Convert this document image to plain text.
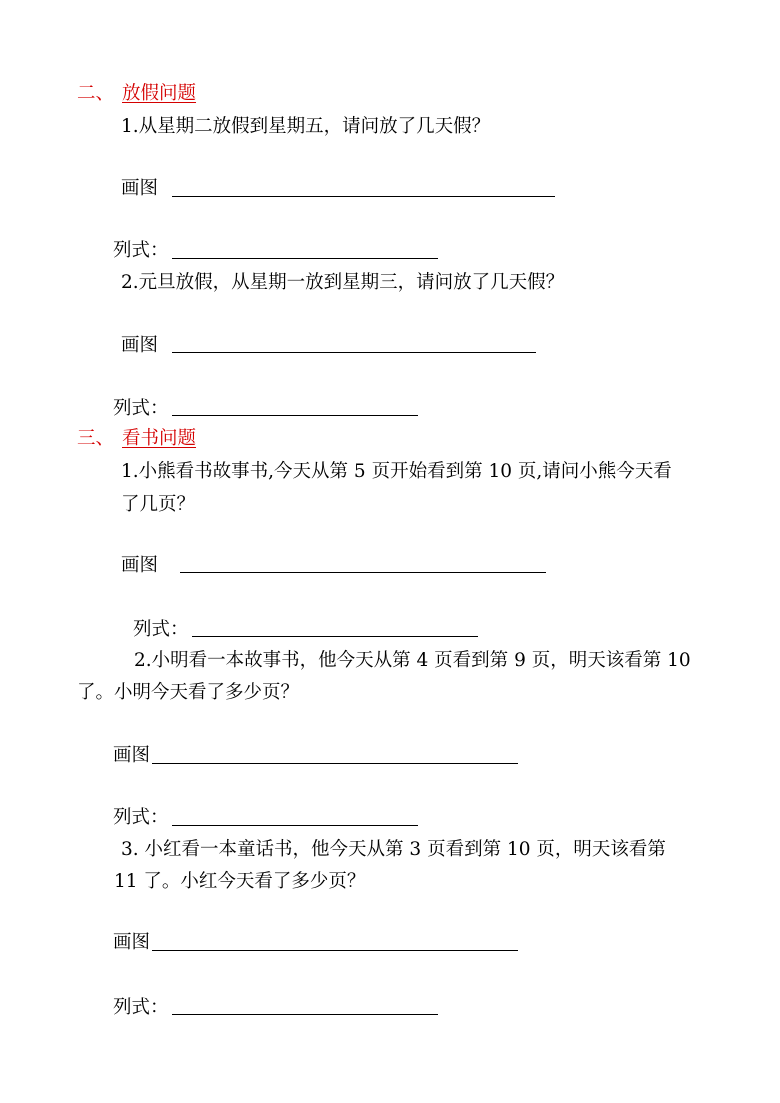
二、 放假问题
1.从星期二放假到星期五，请问放了几天假？
画图
列式：
2.元旦放假，从星期一放到星期三，请问放了几天假？
画图
列式：
三、 看书问题
1.小熊看书故事书,今天从第 5 页开始看到第 10 页,请问小熊今天看
了几页？
画图
列式：
2.小明看一本故事书，他今天从第 4 页看到第 9 页，明天该看第 10
了。小明今天看了多少页？
画图
列式：
3. 小红看一本童话书，他今天从第 3 页看到第 10 页，明天该看第
11 了。小红今天看了多少页？
画图
列式：
